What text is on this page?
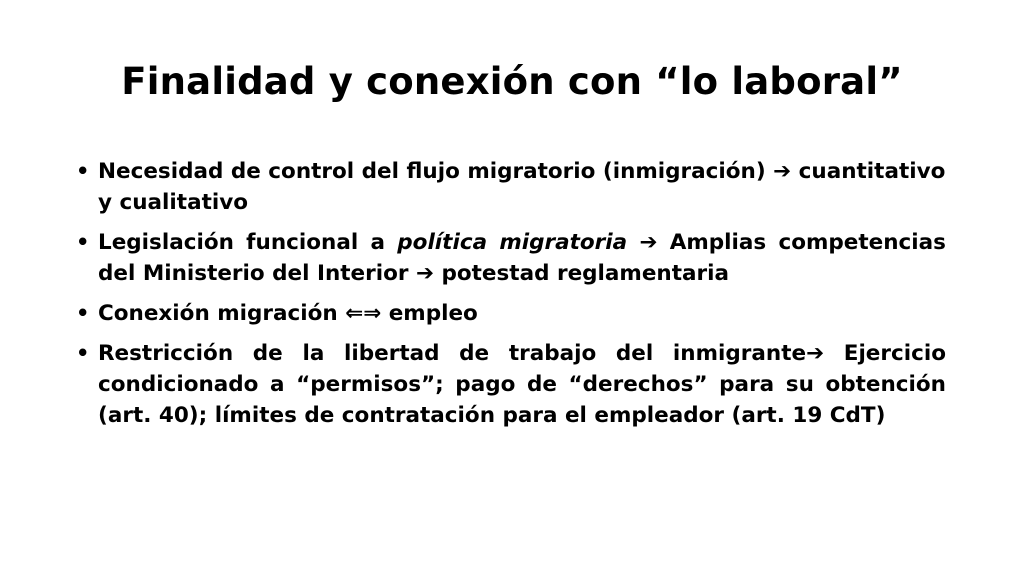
Finalidad y conexión con “lo laboral”
• Necesidad de control del flujo migratorio (inmigración) ➔ cuantitativo y cualitativo
• Legislación funcional a política migratoria ➔ Amplias competencias del Ministerio del Interior ➔ potestad reglamentaria
• Conexión migración ⇐⇒ empleo
• Restricción de la libertad de trabajo del inmigrante➔ Ejercicio condicionado a “permisos”; pago de “derechos” para su obtención (art. 40); límites de contratación para el empleador (art. 19 CdT)
